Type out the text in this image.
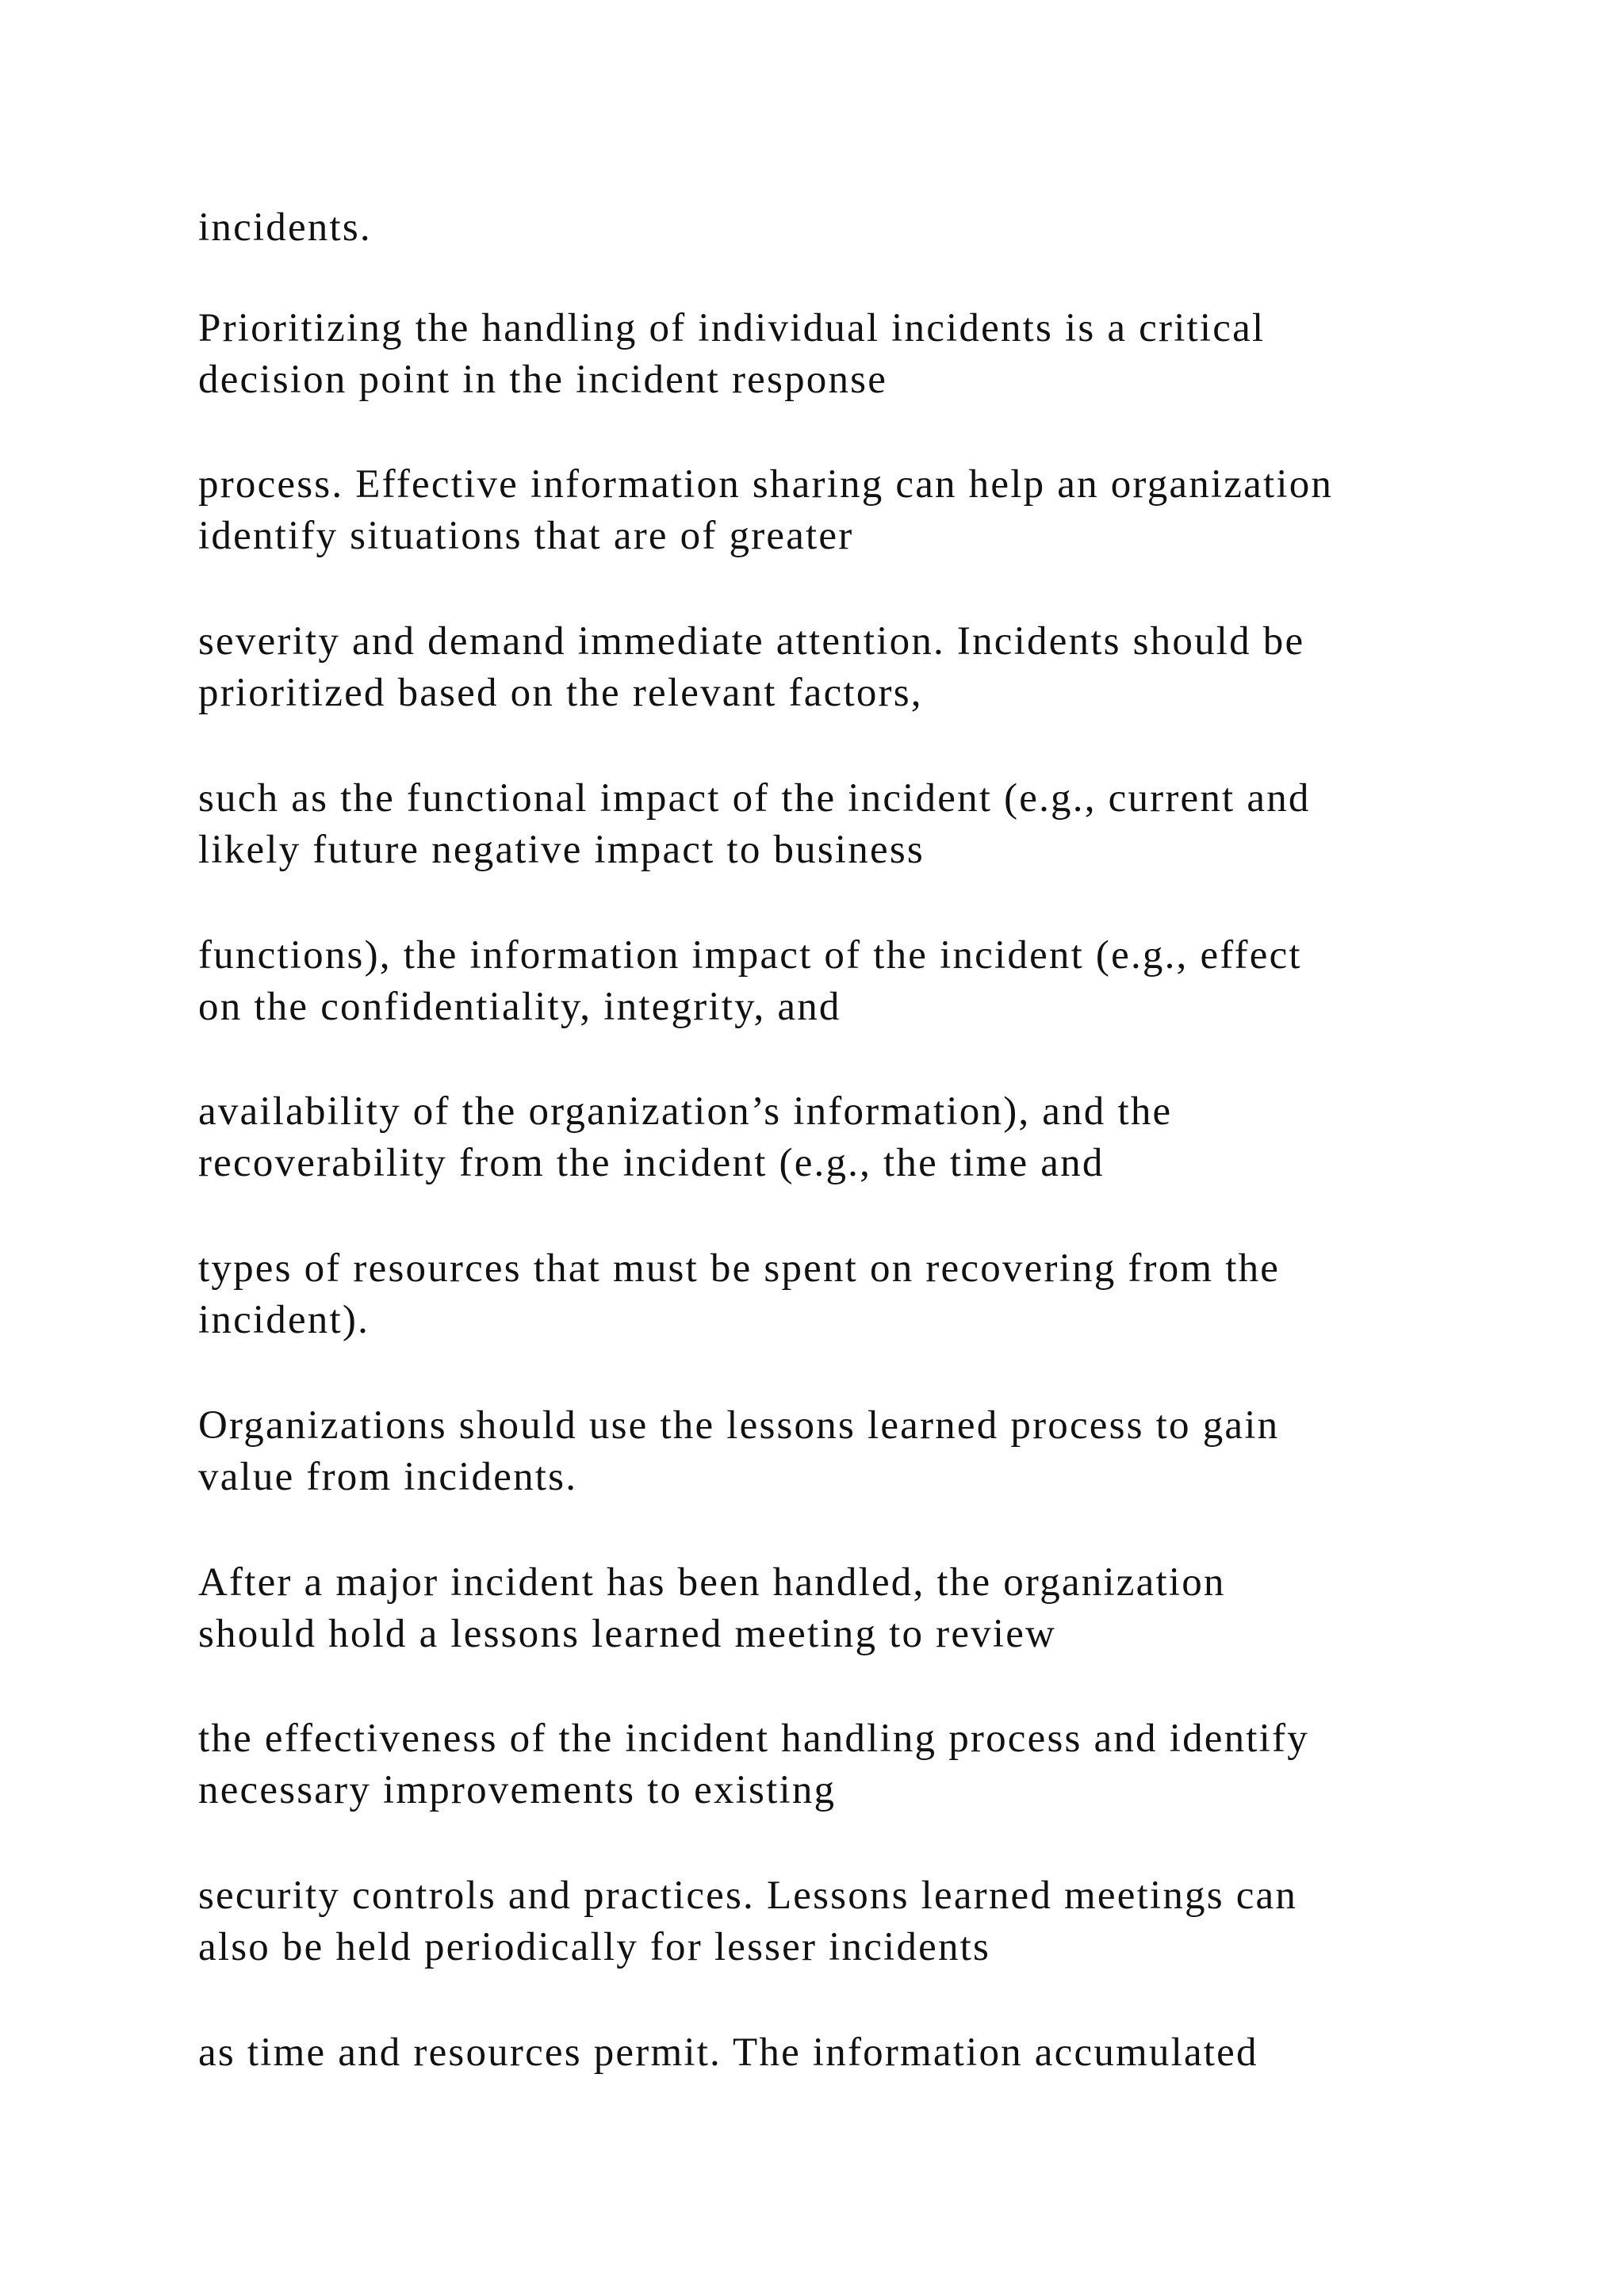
incidents.
Prioritizing the handling of individual incidents is a critical
decision point in the incident response
process. Effective information sharing can help an organization
identify situations that are of greater
severity and demand immediate attention. Incidents should be
prioritized based on the relevant factors,
such as the functional impact of the incident (e.g., current and
likely future negative impact to business
functions), the information impact of the incident (e.g., effect
on the confidentiality, integrity, and
availability of the organization’s information), and the
recoverability from the incident (e.g., the time and
types of resources that must be spent on recovering from the
incident).
Organizations should use the lessons learned process to gain
value from incidents.
After a major incident has been handled, the organization
should hold a lessons learned meeting to review
the effectiveness of the incident handling process and identify
necessary improvements to existing
security controls and practices. Lessons learned meetings can
also be held periodically for lesser incidents
as time and resources permit. The information accumulated
